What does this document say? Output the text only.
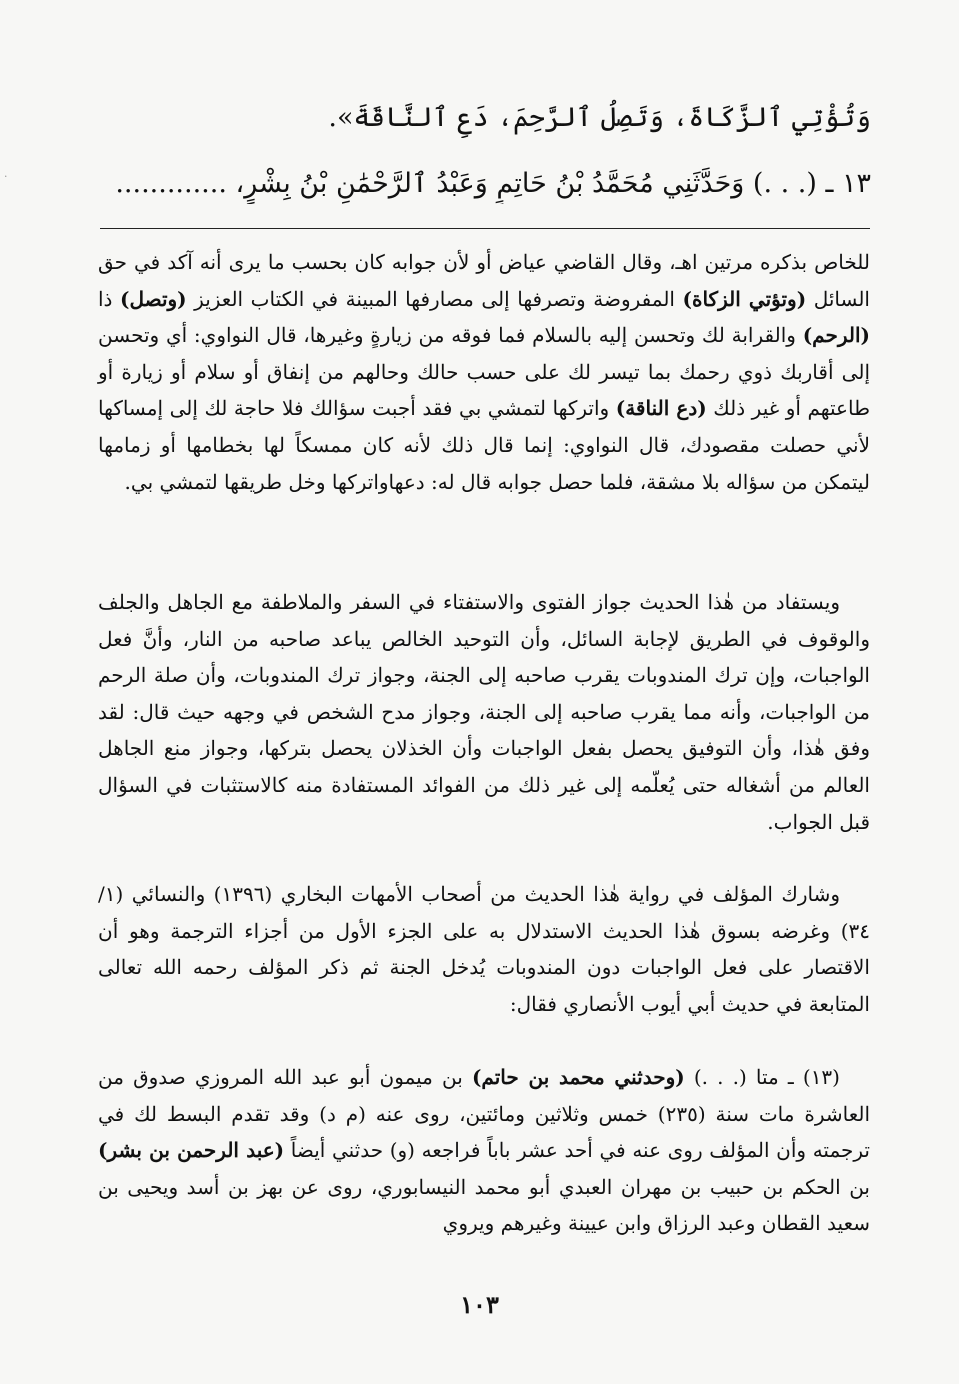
·
وَتُؤْتِي ٱلزَّكَاةَ، وَتَصِلُ ٱلرَّحِمَ، دَعِ ٱلنَّاقَةَ».
١٣ ـ (. . .) وَحَدَّثَنِي مُحَمَّدُ بْنُ حَاتِمٍ وَعَبْدُ ٱلرَّحْمَٰنِ بْنُ بِشْرٍ، .............

للخاص بذكره مرتين اهـ، وقال القاضي عياض أو لأن جوابه كان بحسب ما يرى أنه آكد في حق السائل (وتؤتي الزكاة) المفروضة وتصرفها إلى مصارفها المبينة في الكتاب العزيز (وتصل) ذا (الرحم) والقرابة لك وتحسن إليه بالسلام فما فوقه من زيارةٍ وغيرها، قال النواوي: أي وتحسن إلى أقاربك ذوي رحمك بما تيسر لك على حسب حالك وحالهم من إنفاق أو سلام أو زيارة أو طاعتهم أو غير ذلك (دع الناقة) واتركها لتمشي بي فقد أجبت سؤالك فلا حاجة لك إلى إمساكها لأني حصلت مقصودك، قال النواوي: إنما قال ذلك لأنه كان ممسكاً لها بخطامها أو زمامها ليتمكن من سؤاله بلا مشقة، فلما حصل جوابه قال له: دعهاواتركها وخل طريقها لتمشي بي.

ويستفاد من هٰذا الحديث جواز الفتوى والاستفتاء في السفر والملاطفة مع الجاهل والجلف والوقوف في الطريق لإجابة السائل، وأن التوحيد الخالص يباعد صاحبه من النار، وأنَّ فعل الواجبات، وإن ترك المندوبات يقرب صاحبه إلى الجنة، وجواز ترك المندوبات، وأن صلة الرحم من الواجبات، وأنه مما يقرب صاحبه إلى الجنة، وجواز مدح الشخص في وجهه حيث قال: لقد وفق هٰذا، وأن التوفيق يحصل بفعل الواجبات وأن الخذلان يحصل بتركها، وجواز منع الجاهل العالم من أشغاله حتى يُعلّمه إلى غير ذلك من الفوائد المستفادة منه كالاستثبات في السؤال قبل الجواب.

وشارك المؤلف في رواية هٰذا الحديث من أصحاب الأمهات البخاري (١٣٩٦) والنسائي (١/ ٣٤) وغرضه بسوق هٰذا الحديث الاستدلال به على الجزء الأول من أجزاء الترجمة وهو أن الاقتصار على فعل الواجبات دون المندوبات يُدخل الجنة ثم ذكر المؤلف رحمه الله تعالى المتابعة في حديث أبي أيوب الأنصاري فقال:

(١٣) ـ متا (. . .) (وحدثني محمد بن حاتم) بن ميمون أبو عبد الله المروزي صدوق من العاشرة مات سنة (٢٣٥) خمس وثلاثين ومائتين، روى عنه (م د) وقد تقدم البسط لك في ترجمته وأن المؤلف روى عنه في أحد عشر باباً فراجعه (و) حدثني أيضاً (عبد الرحمن بن بشر) بن الحكم بن حبيب بن مهران العبدي أبو محمد النيسابوري، روى عن بهز بن أسد ويحيى بن سعيد القطان وعبد الرزاق وابن عيينة وغيرهم ويروي

١٠٣
